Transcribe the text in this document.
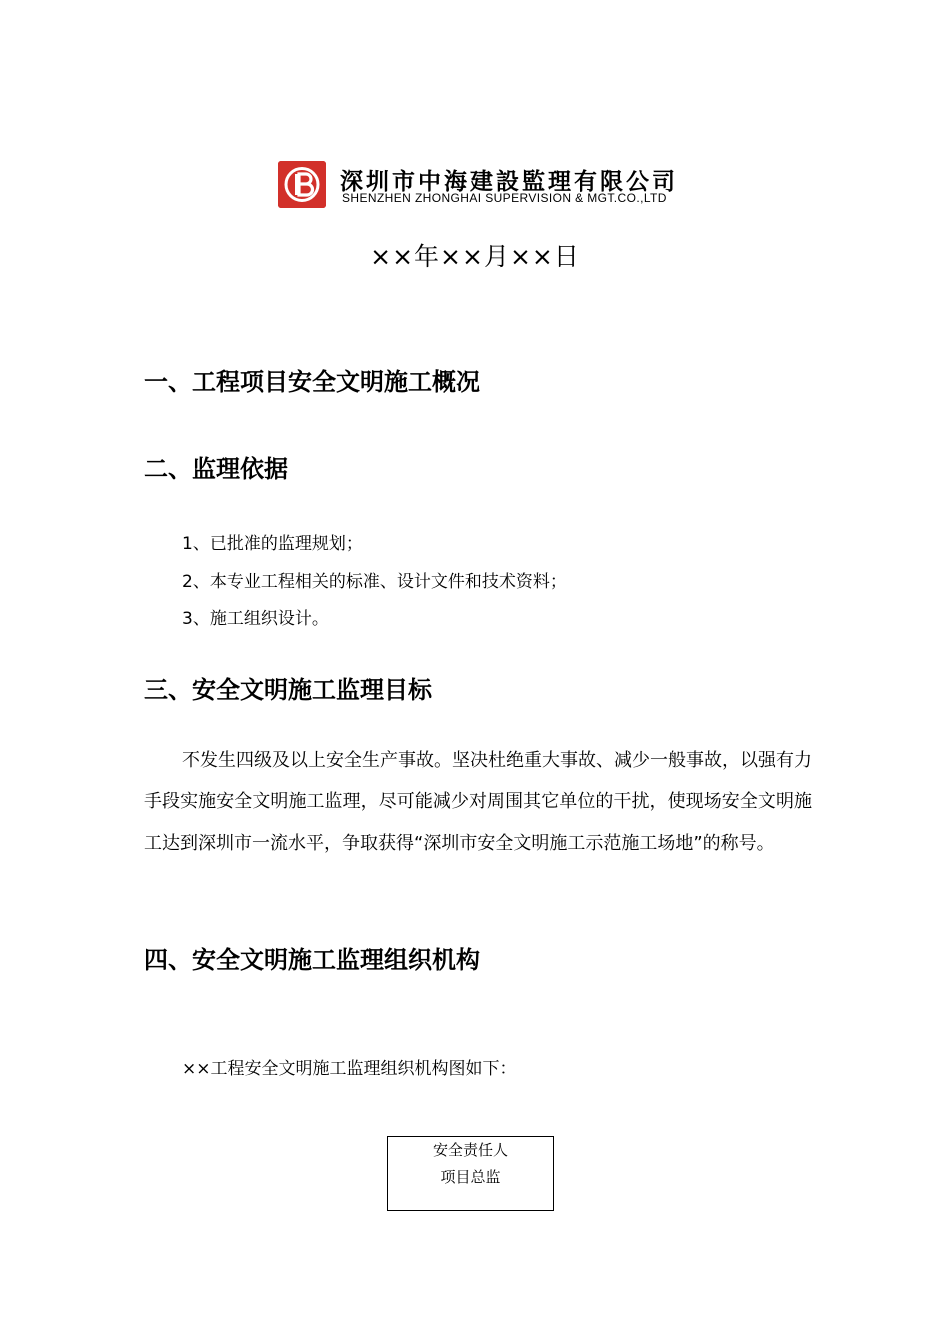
深圳市中海建設監理有限公司
SHENZHEN ZHONGHAI SUPERVISION & MGT.CO.,LTD
××年××月××日
一、工程项目安全文明施工概况
二、监理依据
1、已批准的监理规划；
2、本专业工程相关的标准、设计文件和技术资料；
3、施工组织设计。
三、安全文明施工监理目标
不发生四级及以上安全生产事故。坚决杜绝重大事故、减少一般事故，以强有力手段实施安全文明施工监理，尽可能减少对周围其它单位的干扰，使现场安全文明施工达到深圳市一流水平，争取获得“深圳市安全文明施工示范施工场地”的称号。
四、安全文明施工监理组织机构
××工程安全文明施工监理组织机构图如下：
安全责任人
项目总监
